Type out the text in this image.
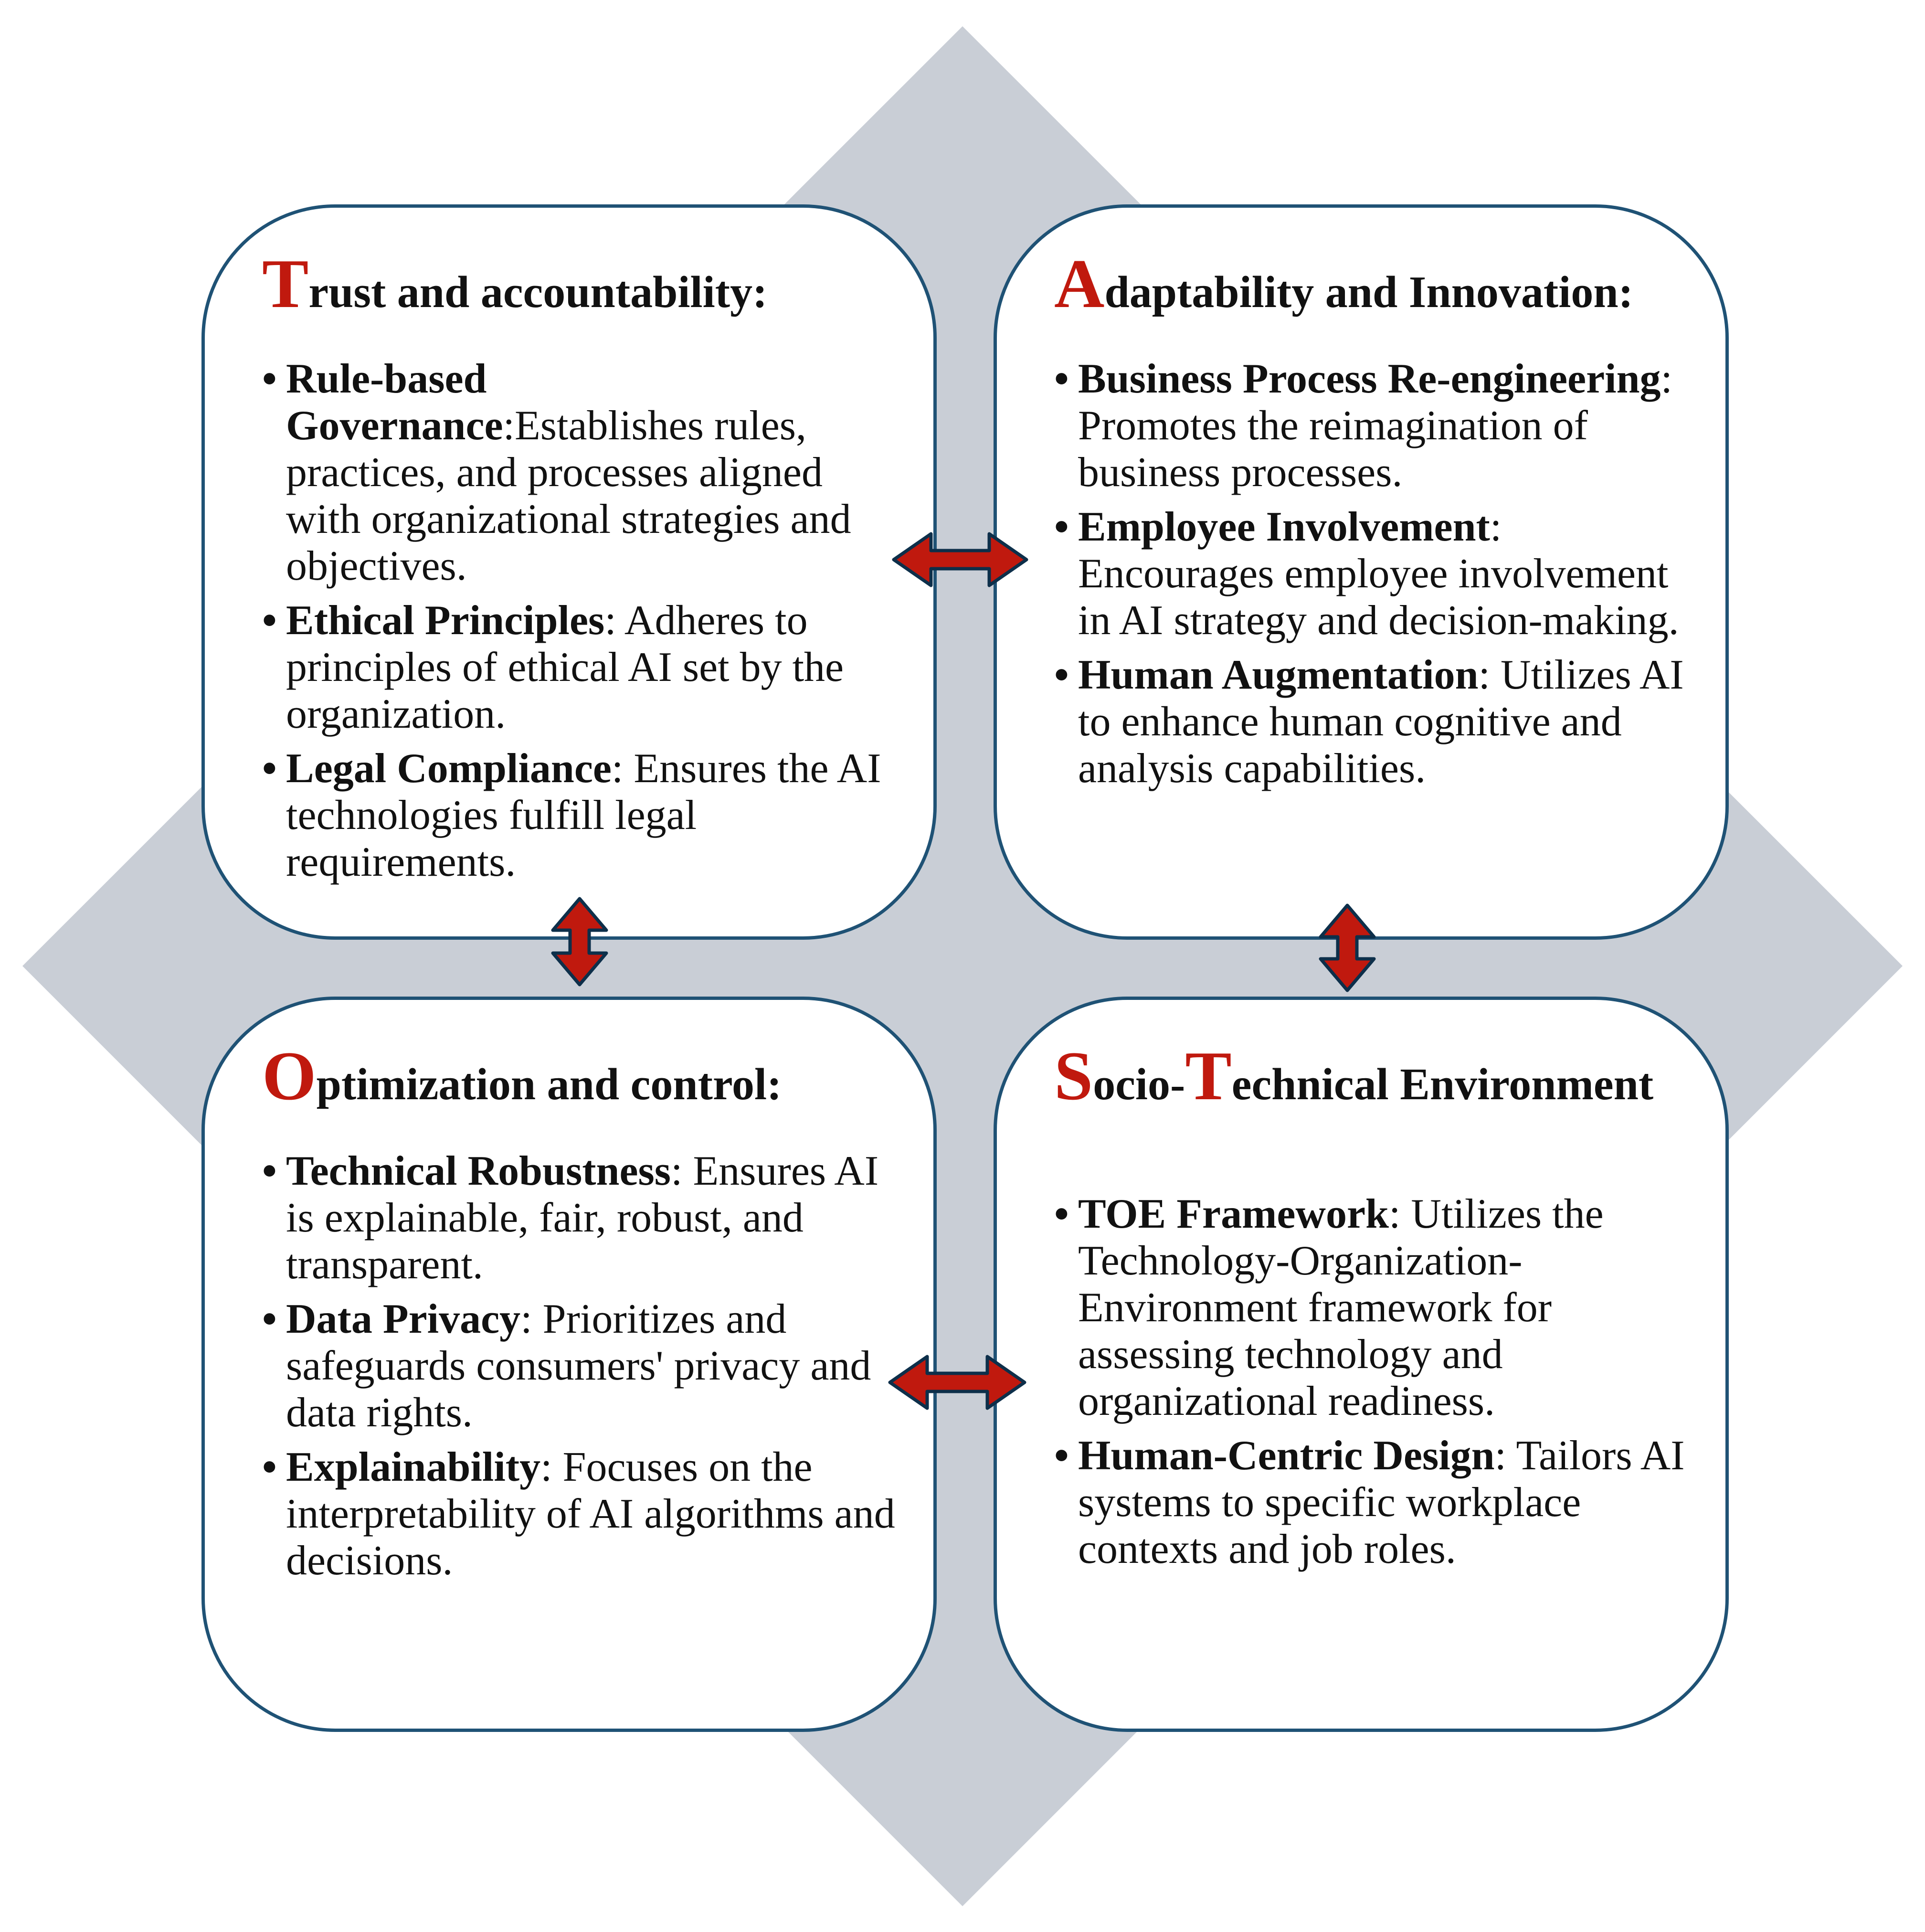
Trust and accountability:
• Rule-based Governance:Establishes rules, practices, and processes aligned with organizational strategies and objectives.
• Ethical Principles: Adheres to principles of ethical AI set by the organization.
• Legal Compliance: Ensures the AI technologies fulfill legal requirements.
Adaptability and Innovation:
• Business Process Re-engineering: Promotes the reimagination of business processes.
• Employee Involvement: Encourages employee involvement in AI strategy and decision-making.
• Human Augmentation: Utilizes AI to enhance human cognitive and analysis capabilities.
Optimization and control:
• Technical Robustness: Ensures AI is explainable, fair, robust, and transparent.
• Data Privacy: Prioritizes and safeguards consumers' privacy and data rights.
• Explainability: Focuses on the interpretability of AI algorithms and decisions.
Socio-Technical Environment
• TOE Framework: Utilizes the Technology-Organization-Environment framework for assessing technology and organizational readiness.
• Human-Centric Design: Tailors AI systems to specific workplace contexts and job roles.
